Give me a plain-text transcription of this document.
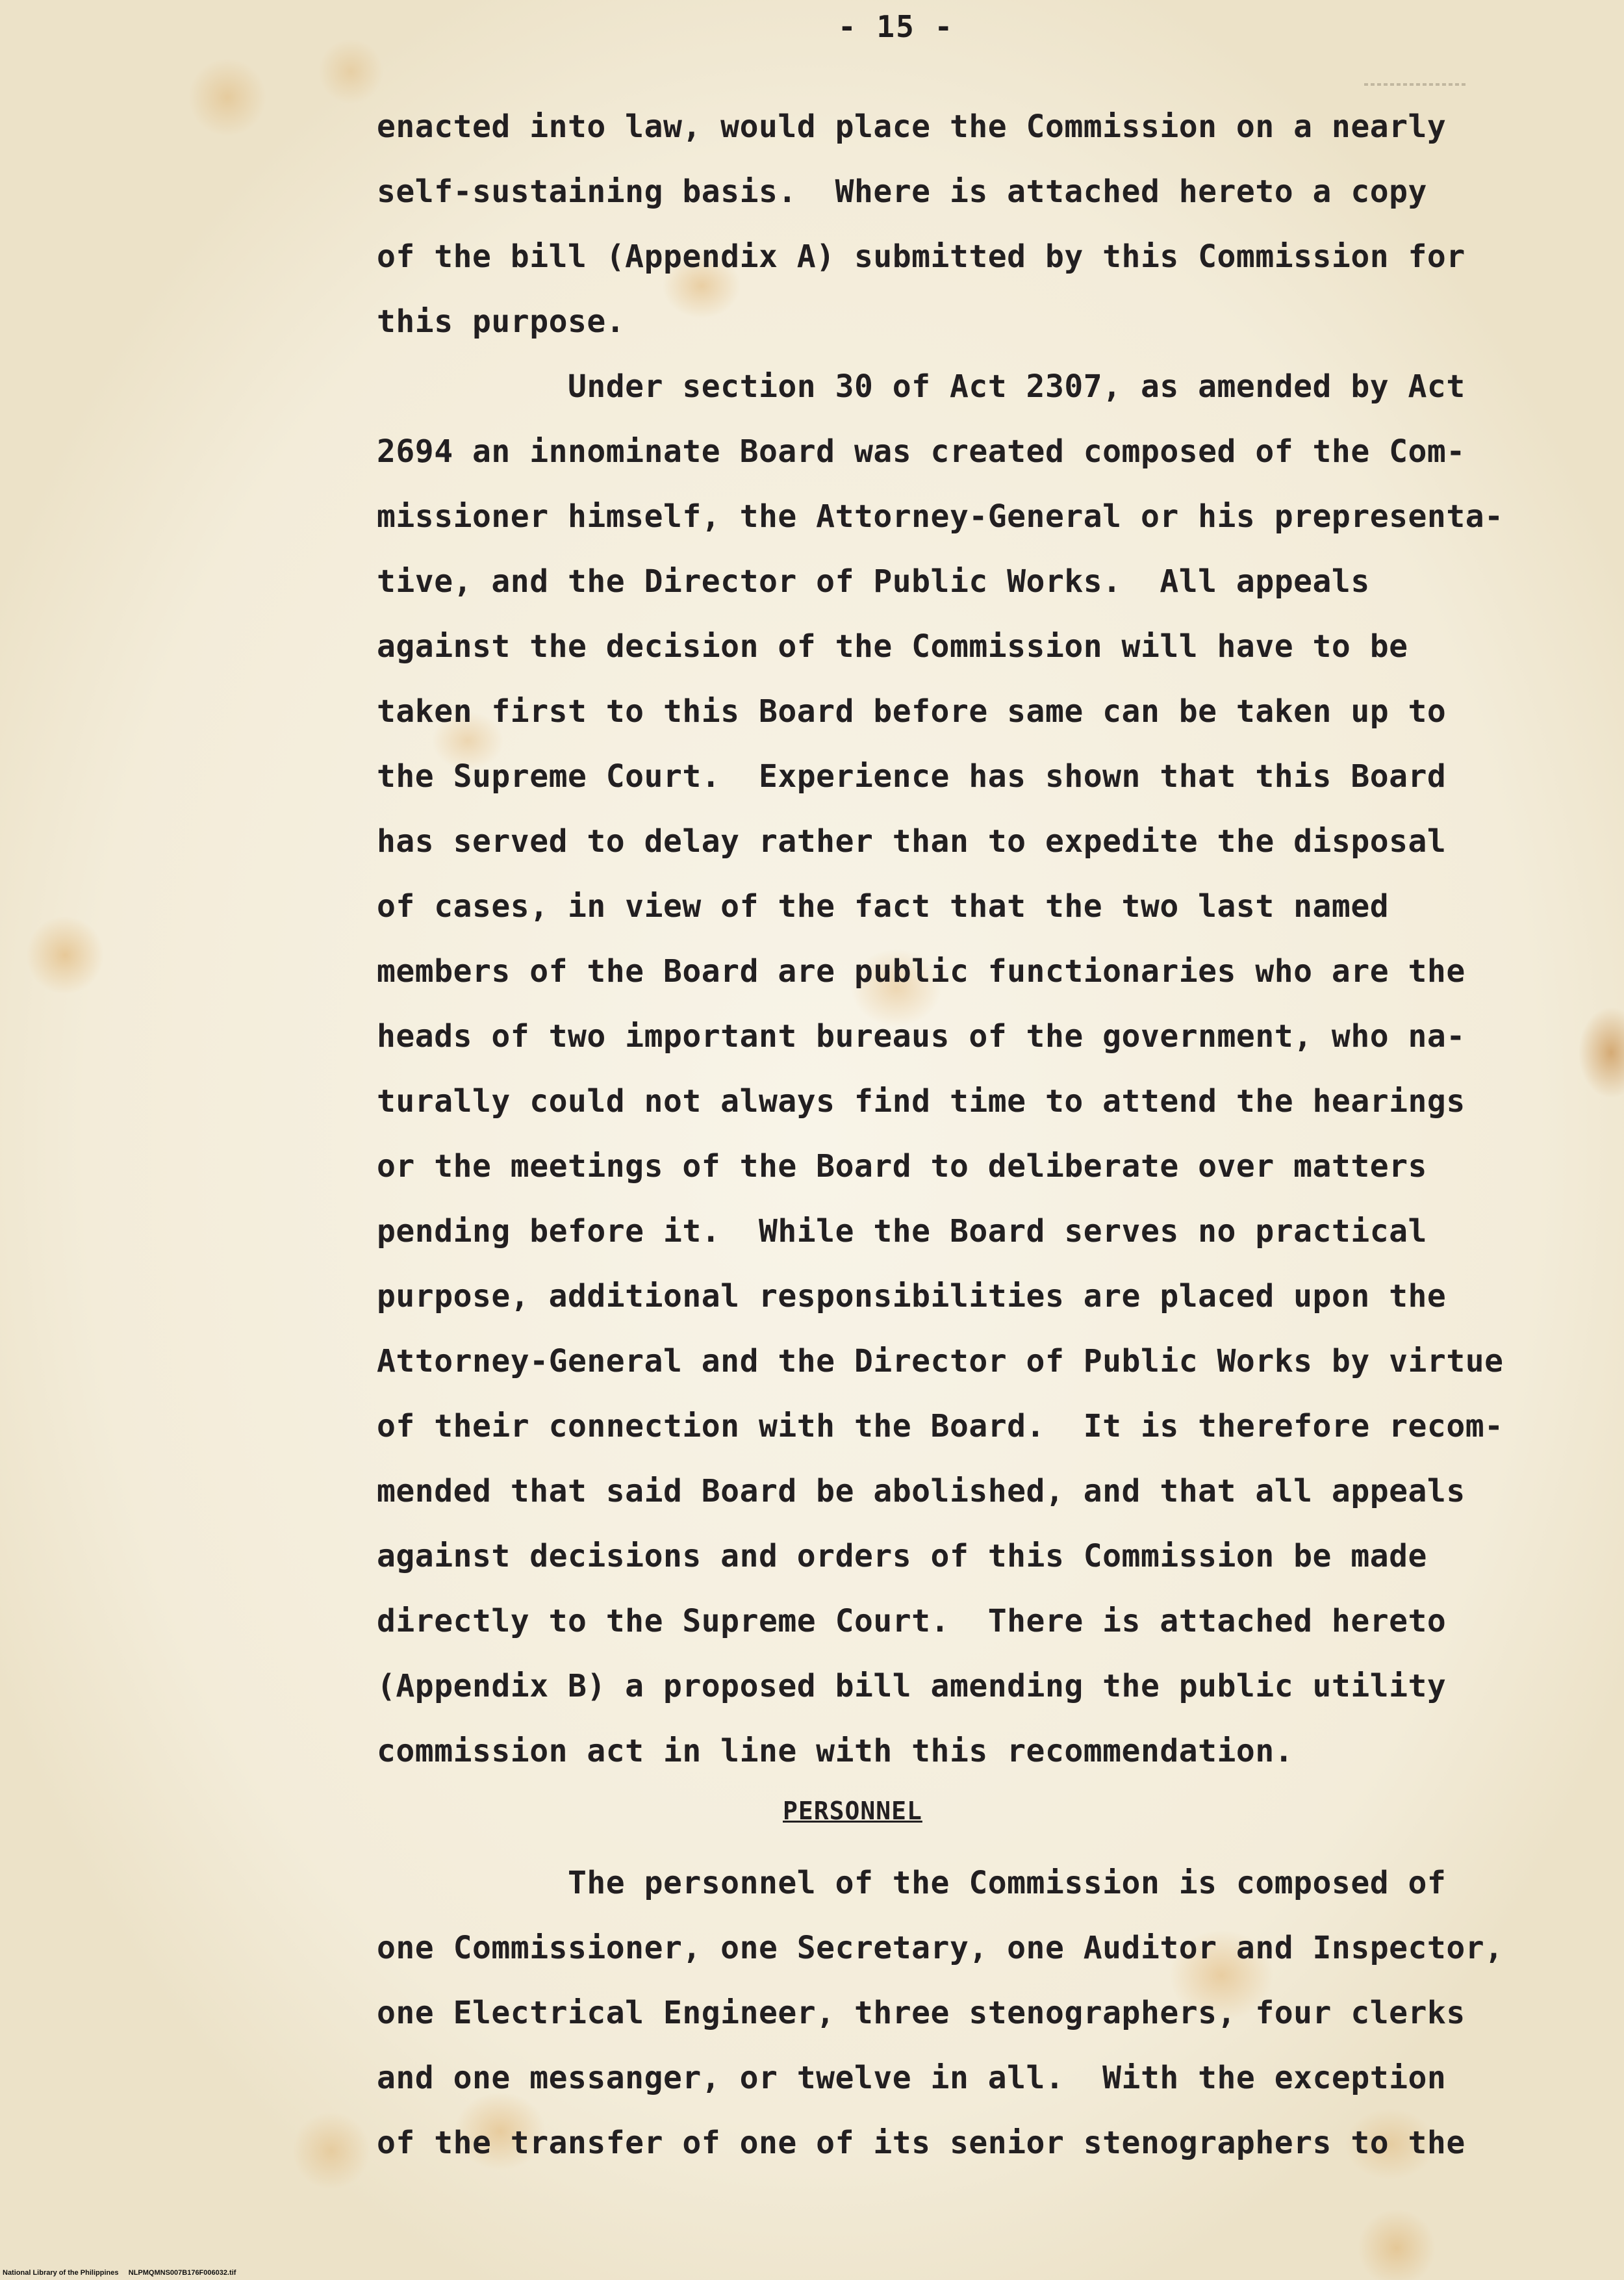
- 15 -
enacted into law, would place the Commission on a nearly
self-sustaining basis.  Where is attached hereto a copy
of the bill (Appendix A) submitted by this Commission for
this purpose.
Under section 30 of Act 2307, as amended by Act
2694 an innominate Board was created composed of the Com-
missioner himself, the Attorney-General or his prepresenta-
tive, and the Director of Public Works.  All appeals
against the decision of the Commission will have to be
taken first to this Board before same can be taken up to
the Supreme Court.  Experience has shown that this Board
has served to delay rather than to expedite the disposal
of cases, in view of the fact that the two last named
members of the Board are public functionaries who are the
heads of two important bureaus of the government, who na-
turally could not always find time to attend the hearings
or the meetings of the Board to deliberate over matters
pending before it.  While the Board serves no practical
purpose, additional responsibilities are placed upon the
Attorney-General and the Director of Public Works by virtue
of their connection with the Board.  It is therefore recom-
mended that said Board be abolished, and that all appeals
against decisions and orders of this Commission be made
directly to the Supreme Court.  There is attached hereto
(Appendix B) a proposed bill amending the public utility
commission act in line with this recommendation.
The personnel of the Commission is composed of
one Commissioner, one Secretary, one Auditor and Inspector,
one Electrical Engineer, three stenographers, four clerks
and one messanger, or twelve in all.  With the exception
of the transfer of one of its senior stenographers to the
PERSONNEL
National Library of the Philippines     NLPMQMNS007B176F006032.tif
